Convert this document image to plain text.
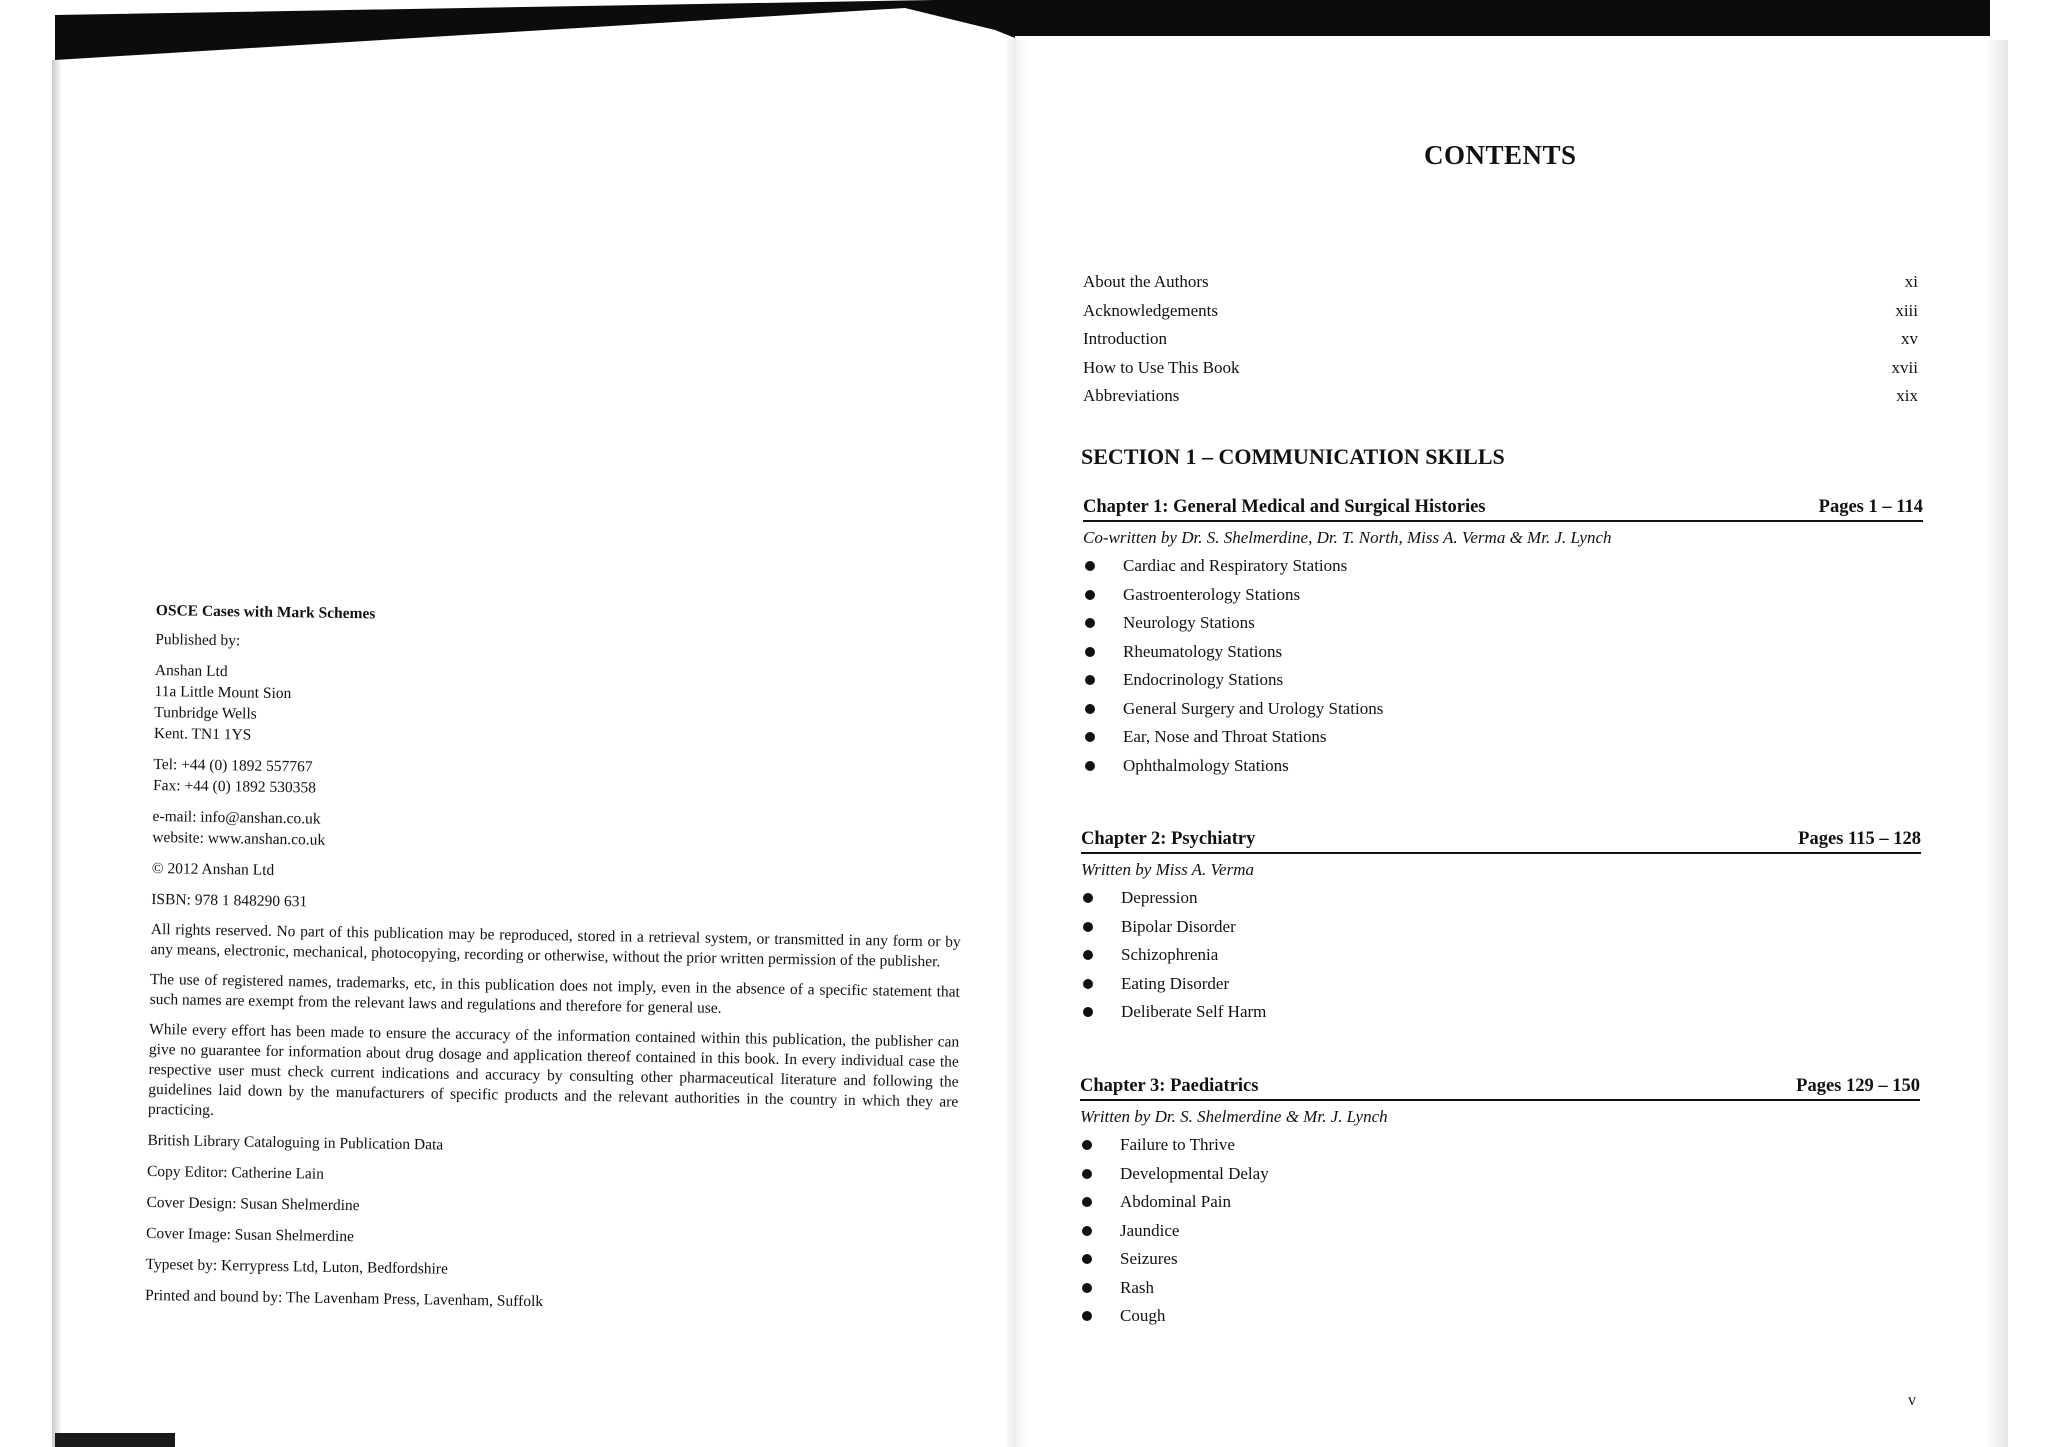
OSCE Cases with Mark Schemes
Published by:
Anshan Ltd
11a Little Mount Sion
Tunbridge Wells
Kent. TN1 1YS
Tel: +44 (0) 1892 557767
Fax: +44 (0) 1892 530358
e-mail: info@anshan.co.uk
website: www.anshan.co.uk
© 2012 Anshan Ltd
ISBN: 978 1 848290 631
All rights reserved. No part of this publication may be reproduced, stored in a retrieval system, or transmitted in any form or by any means, electronic, mechanical, photocopying, recording or otherwise, without the prior written permission of the publisher.
The use of registered names, trademarks, etc, in this publication does not imply, even in the absence of a specific statement that such names are exempt from the relevant laws and regulations and therefore for general use.
While every effort has been made to ensure the accuracy of the information contained within this publication, the publisher can give no guarantee for information about drug dosage and application thereof contained in this book. In every individual case the respective user must check current indications and accuracy by consulting other pharmaceutical literature and following the guidelines laid down by the manufacturers of specific products and the relevant authorities in the country in which they are practicing.
British Library Cataloguing in Publication Data
Copy Editor: Catherine Lain
Cover Design: Susan Shelmerdine
Cover Image: Susan Shelmerdine
Typeset by: Kerrypress Ltd, Luton, Bedfordshire
Printed and bound by: The Lavenham Press, Lavenham, Suffolk
CONTENTS
About the Authors	xi
Acknowledgements	xiii
Introduction	xv
How to Use This Book	xvii
Abbreviations	xix
SECTION 1 – COMMUNICATION SKILLS
Chapter 1: General Medical and Surgical Histories	Pages 1 – 114
Co-written by Dr. S. Shelmerdine, Dr. T. North, Miss A. Verma & Mr. J. Lynch
Cardiac and Respiratory Stations
Gastroenterology Stations
Neurology Stations
Rheumatology Stations
Endocrinology Stations
General Surgery and Urology Stations
Ear, Nose and Throat Stations
Ophthalmology Stations
Chapter 2: Psychiatry	Pages 115 – 128
Written by Miss A. Verma
Depression
Bipolar Disorder
Schizophrenia
Eating Disorder
Deliberate Self Harm
Chapter 3: Paediatrics	Pages 129 – 150
Written by Dr. S. Shelmerdine & Mr. J. Lynch
Failure to Thrive
Developmental Delay
Abdominal Pain
Jaundice
Seizures
Rash
Cough
v
